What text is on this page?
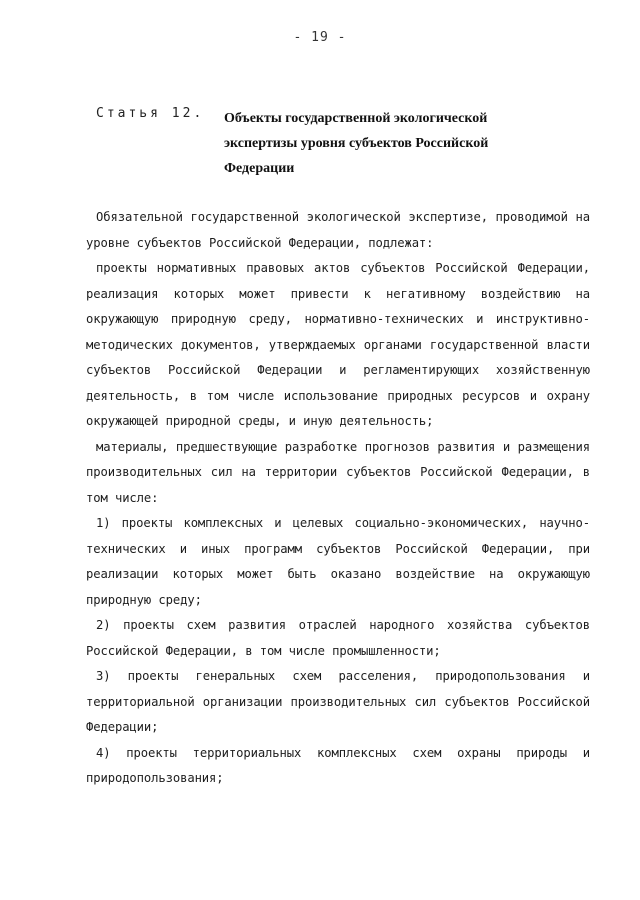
- 19 -
Статья 12. Объекты государственной экологической
экспертизы уровня субъектов Российской
Федерации

Обязательной государственной экологической экспертизе, проводимой на уровне субъектов Российской Федерации, подлежат:

проекты нормативных правовых актов субъектов Российской Федерации, реализация которых может привести к негативному воздействию на окружающую природную среду, нормативно-технических и инструктивно-методических документов, утверждаемых органами государственной власти субъектов Российской Федерации и регламентирующих хозяйственную деятельность, в том числе использование природных ресурсов и охрану окружающей природной среды, и иную деятельность;

материалы, предшествующие разработке прогнозов развития и размещения производительных сил на территории субъектов Российской Федерации, в том числе:

1) проекты комплексных и целевых социально-экономических, научно-технических и иных программ субъектов Российской Федерации, при реализации которых может быть оказано воздействие на окружающую природную среду;

2) проекты схем развития отраслей народного хозяйства субъектов Российской Федерации, в том числе промышленности;

3) проекты генеральных схем расселения, природопользования и территориальной организации производительных сил субъектов Российской Федерации;

4) проекты территориальных комплексных схем охраны природы и природопользования;
